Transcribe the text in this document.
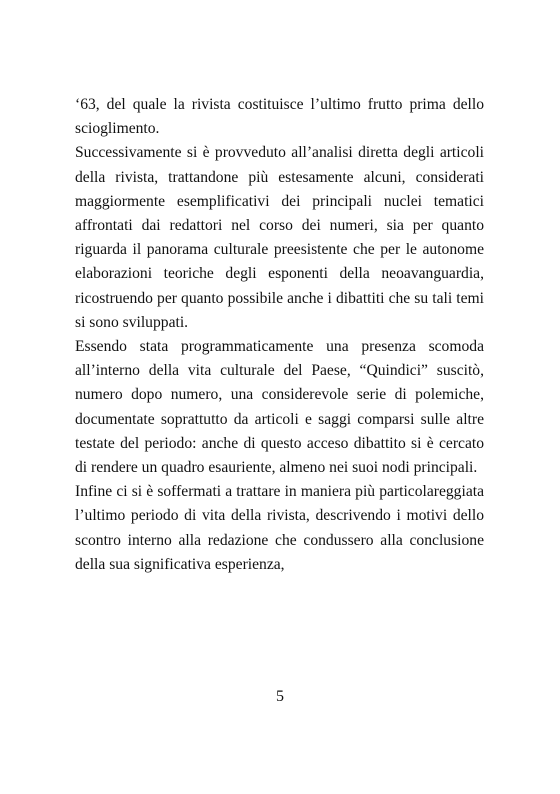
‘63, del quale la rivista costituisce l’ultimo frutto prima dello scioglimento.

Successivamente si è provveduto all’analisi diretta degli articoli della rivista, trattandone più estesamente alcuni, considerati maggiormente esemplificativi dei principali nuclei tematici affrontati dai redattori nel corso dei numeri, sia per quanto riguarda il panorama culturale preesistente che per le autonome elaborazioni teoriche degli esponenti della neoavanguardia, ricostruendo per quanto possibile anche i dibattiti che su tali temi si sono sviluppati.

Essendo stata programmaticamente una presenza scomoda all’interno della vita culturale del Paese, “Quindici” suscitò, numero dopo numero, una considerevole serie di polemiche, documentate soprattutto da articoli e saggi comparsi sulle altre testate del periodo: anche di questo acceso dibattito si è cercato di rendere un quadro esauriente, almeno nei suoi nodi principali.

Infine ci si è soffermati a trattare in maniera più particolareggiata l’ultimo periodo di vita della rivista, descrivendo i motivi dello scontro interno alla redazione che condussero alla conclusione della sua significativa esperienza,

5
